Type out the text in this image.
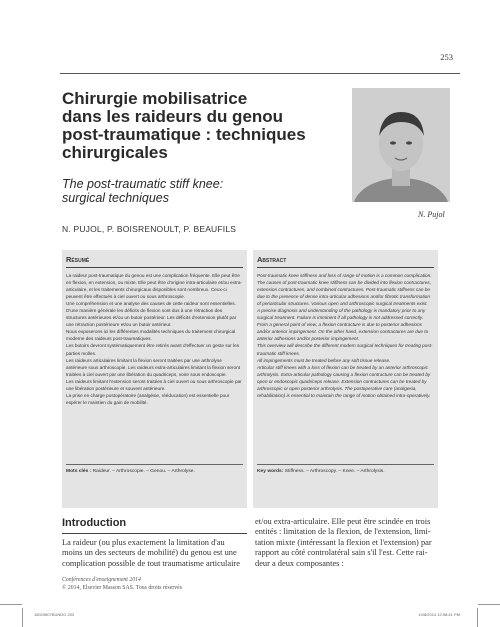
253
Chirurgie mobilisatrice
dans les raideurs du genou
post-traumatique : techniques
chirurgicales
The post-traumatic stiff knee:
surgical techniques
N. Pujol
N. PUJOL, P. BOISRENOULT, P. BEAUFILS
Résumé

La raideur post-traumatique du genou est une complication fréquente. Elle peut être en flexion, en extension, ou mixte. Elle peut être d'origine intra-articulaire et/ou extra-articulaire, et les traitements chirurgicaux disponibles sont nombreux. Ceux-ci peuvent être effectués à ciel ouvert ou sous arthroscopie.

Une compréhension et une analyse des causes de cette raideur sont essentielles. D'une manière générale les déficits de flexion sont dus à une rétraction des structures antérieures et/ou un butoir postérieur. Les déficits d'extension plutôt par une rétraction postérieure et/ou un butoir antérieur.

Nous exposerons ici les différentes modalités techniques du traitement chirurgical moderne des raideurs post-traumatiques.

Les butoirs devront systématiquement être retirés avant d'effectuer un geste sur les parties molles.

Les raideurs articulaires limitant la flexion seront traitées par une arthrolyse antérieure sous arthroscopie. Les raideurs extra-articulaires limitant la flexion seront traitées à ciel ouvert par une libération du quadriceps, voire sous endoscopie.

Les raideurs limitant l'extension seront traitées à ciel ouvert ou sous arthroscopie par une libération postérieure et souvent antérieure.

La prise en charge postopératoire (analgésie, rééducation) est essentielle pour espérer le maintien du gain de mobilité.

Mots clés : Raideur. – Arthroscopie. – Genou. – Arthrolyse.
Abstract

Post-traumatic knee stiffness and loss of range of motion is a common complication. The causes of post-traumatic knee stiffness can be divided into flexion contractures, extension contractures, and combined contractures. Post-traumatic stiffness can be due to the presence of dense intra-articular adhesions and/or fibrotic transformation of periarticular structures. Various open and arthroscopic surgical treatments exist.

A precise diagnosis and understanding of the pathology is mandatory prior to any surgical treatment. Failure is imminent if all pathology is not addressed correctly. From a general point of view, a flexion contracture is due to posterior adhesions and/or anterior impingement. On the other hand, extension contractures are due to anterior adhesions and/or posterior impingement.

This overview will describe the different modern surgical techniques for treating post-traumatic stiff knees.

All impingements must be treated before any soft tissue release.

Articular stiff knees with a loss of flexion can be treated by an anterior arthroscopic arthrolysis. Extra-articular pathology causing a flexion contracture can be treated by open or endoscopic quadriceps release. Extension contractures can be treated by arthroscopic or open posterior arthrolysis. The postoperative care (analgesia, rehabilitation) is essential to maintain the range of motion obtained intra-operatively.

Key words: Stiffness. – Arthroscopy. – Knee. – Arthrolysis.
Introduction
La raideur (ou plus exactement la limitation d'au
moins un des secteurs de mobilité) du genou est une
complication possible de tout traumatisme articulaire
et/ou extra-articulaire. Elle peut être scindée en trois
entités : limitation de la flexion, de l'extension, limi-
tation mixte (intéressant la flexion et l'extension) par
rapport au côté controlatéral sain s'il l'est. Cette rai-
deur a deux composantes :
Conférences d'enseignement 2014
© 2014, Elsevier Masson SAS. Tous droits réservés
18029807BUNDO 253	10/8/2014 12:58:41 PM
